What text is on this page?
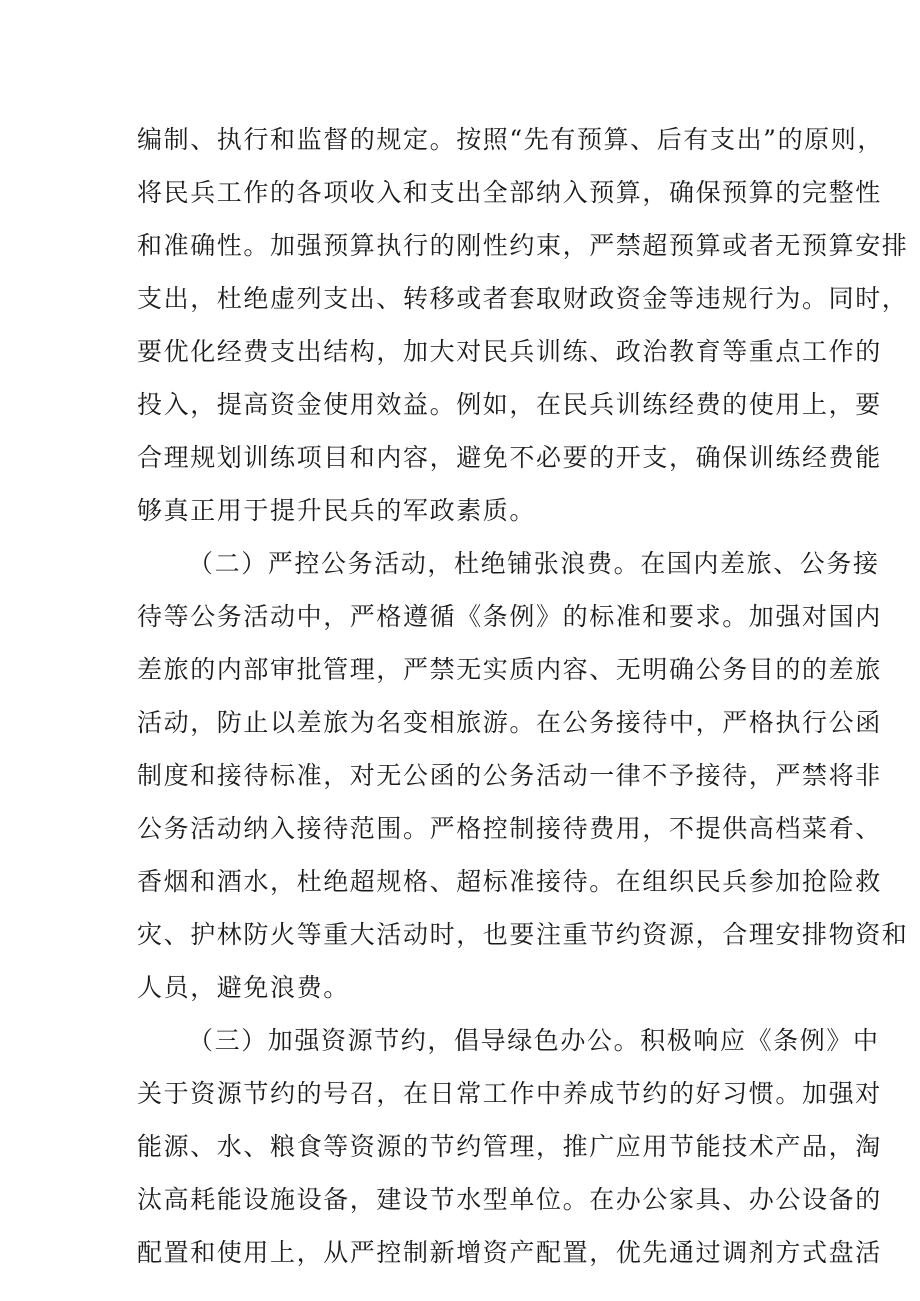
编制、执行和监督的规定。按照“先有预算、后有支出”的原则，
将民兵工作的各项收入和支出全部纳入预算，确保预算的完整性
和准确性。加强预算执行的刚性约束，严禁超预算或者无预算安排
支出，杜绝虚列支出、转移或者套取财政资金等违规行为。同时，
要优化经费支出结构，加大对民兵训练、政治教育等重点工作的
投入，提高资金使用效益。例如，在民兵训练经费的使用上，要
合理规划训练项目和内容，避免不必要的开支，确保训练经费能
够真正用于提升民兵的军政素质。
（二）严控公务活动，杜绝铺张浪费。在国内差旅、公务接
待等公务活动中，严格遵循《条例》的标准和要求。加强对国内
差旅的内部审批管理，严禁无实质内容、无明确公务目的的差旅
活动，防止以差旅为名变相旅游。在公务接待中，严格执行公函
制度和接待标准，对无公函的公务活动一律不予接待，严禁将非
公务活动纳入接待范围。严格控制接待费用，不提供高档菜肴、
香烟和酒水，杜绝超规格、超标准接待。在组织民兵参加抢险救
灾、护林防火等重大活动时，也要注重节约资源，合理安排物资和
人员，避免浪费。
（三）加强资源节约，倡导绿色办公。积极响应《条例》中
关于资源节约的号召，在日常工作中养成节约的好习惯。加强对
能源、水、粮食等资源的节约管理，推广应用节能技术产品，淘
汰高耗能设施设备，建设节水型单位。在办公家具、办公设备的
配置和使用上，从严控制新增资产配置，优先通过调剂方式盘活
